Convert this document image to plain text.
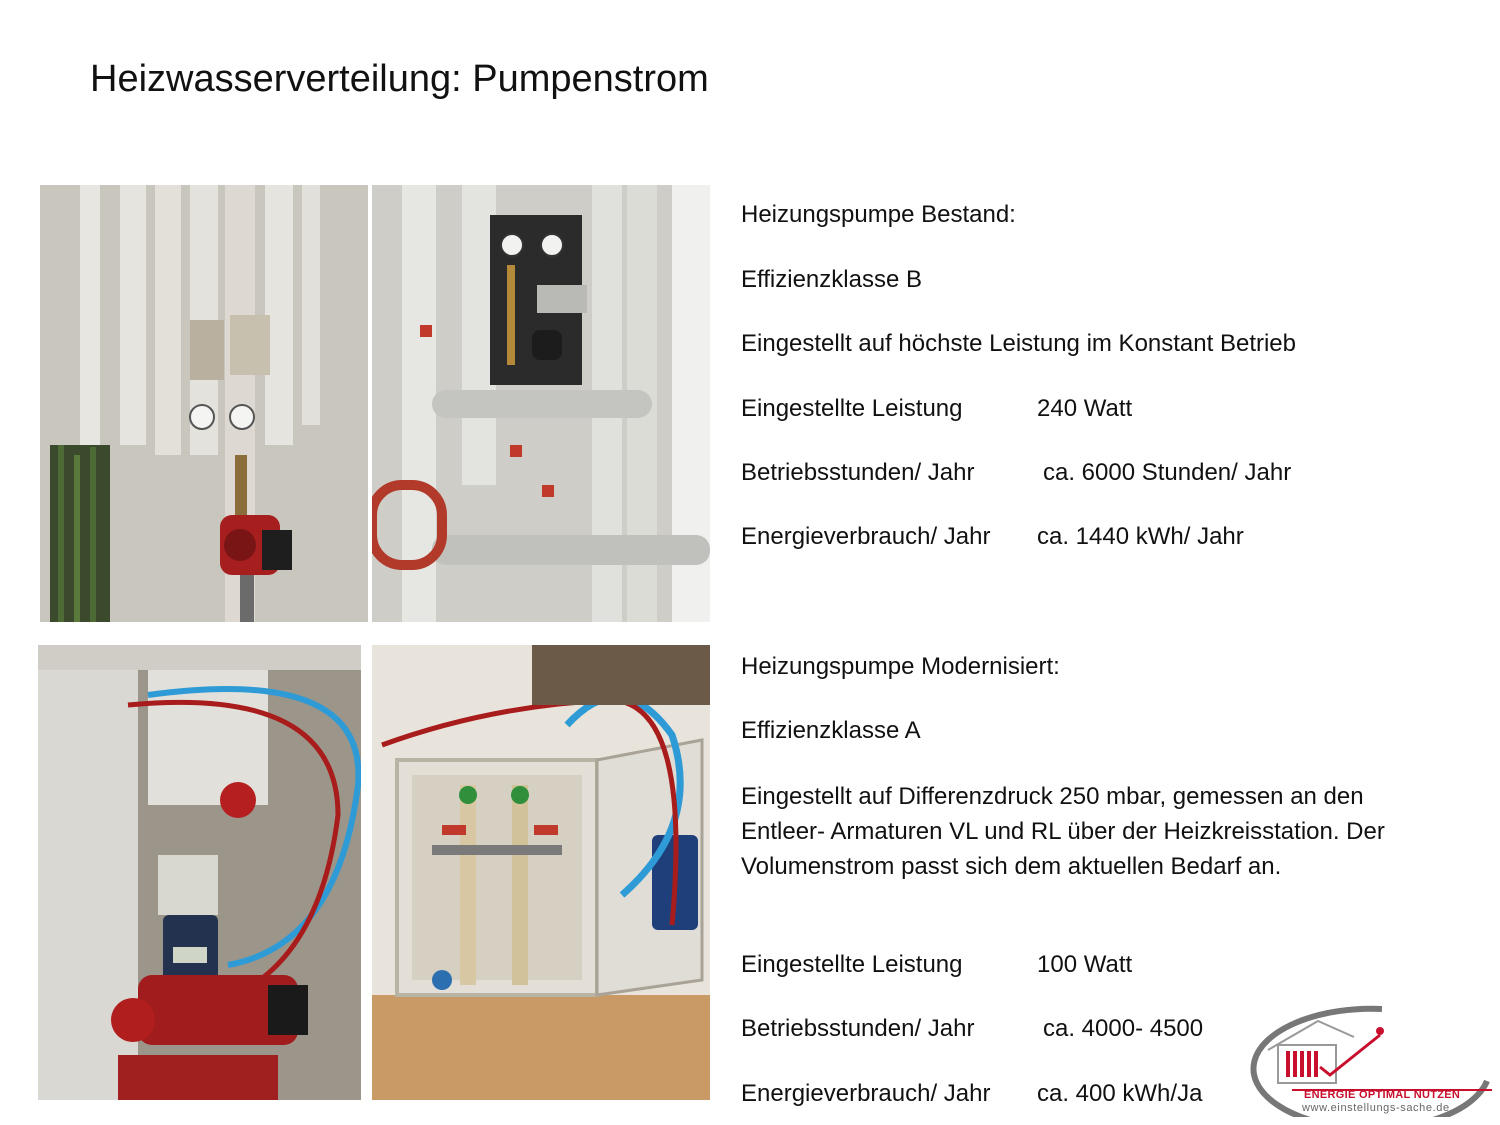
Heizwasserverteilung: Pumpenstrom
Heizungspumpe Bestand:
Effizienzklasse B
Eingestellt auf höchste Leistung im Konstant Betrieb
Eingestellte Leistung	240 Watt
Betriebsstunden/ Jahr	ca. 6000 Stunden/ Jahr
Energieverbrauch/ Jahr ca. 1440 kWh/ Jahr
Heizungspumpe Modernisiert:
Effizienzklasse A
Eingestellt auf Differenzdruck 250 mbar, gemessen an den Entleer- Armaturen VL und RL über der Heizkreisstation. Der Volumenstrom passt sich dem aktuellen Bedarf an.
Eingestellte Leistung	100 Watt
Betriebsstunden/ Jahr	ca. 4000- 4500
Energieverbrauch/ Jahr ca. 400 kWh/Ja	ENERGIE OPTIMAL NUTZEN
www.einstellungs-sache.de
